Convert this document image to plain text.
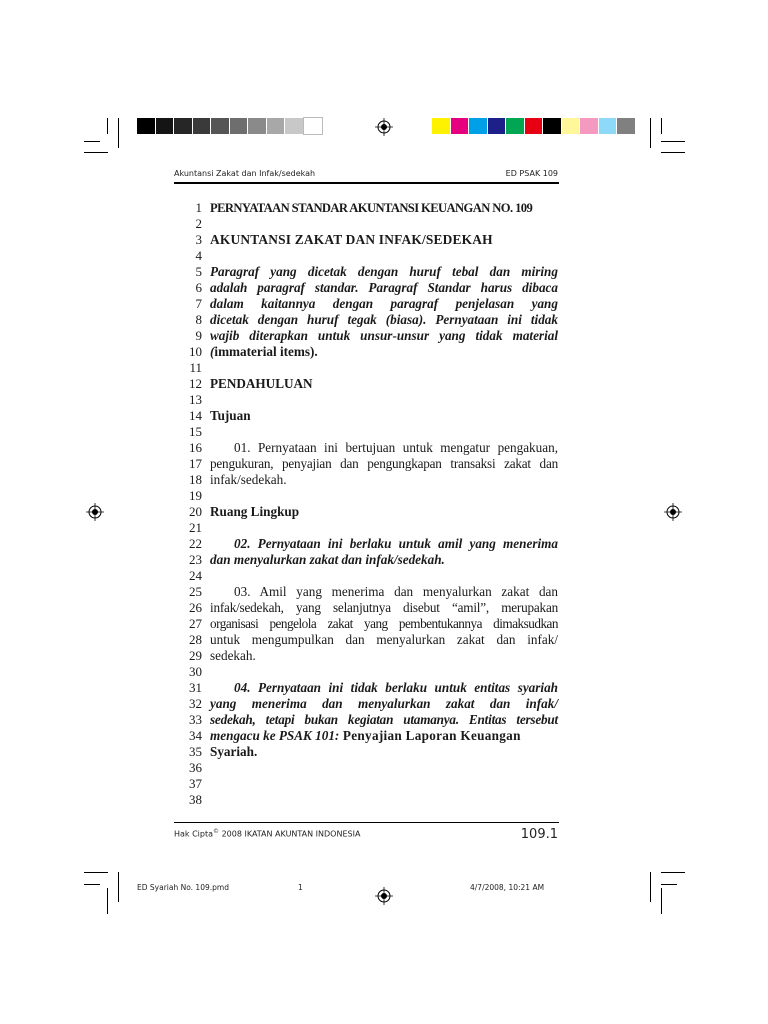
Akuntansi Zakat dan Infak/sedekah	ED PSAK 109
1
2
3
4
5
6
7
8
9
10
11
12
13
14
15
16
17
18
19
20
21
22
23
24
25
26
27
28
29
30
31
32
33
34
35
36
37
38
PERNYATAAN STANDAR AKUNTANSI KEUANGAN NO. 109
AKUNTANSI ZAKAT DAN INFAK/SEDEKAH
Paragraf yang dicetak dengan huruf tebal dan miring
adalah paragraf standar. Paragraf Standar harus dibaca
dalam kaitannya dengan paragraf penjelasan yang
dicetak dengan huruf tegak (biasa). Pernyataan ini tidak
wajib diterapkan untuk unsur-unsur yang tidak material
(immaterial items).
PENDAHULUAN
Tujuan
01. Pernyataan ini bertujuan untuk mengatur pengakuan,
pengukuran, penyajian dan pengungkapan transaksi zakat dan
infak/sedekah.
Ruang Lingkup
02. Pernyataan ini berlaku untuk amil yang menerima
dan menyalurkan zakat dan infak/sedekah.
03. Amil yang menerima dan menyalurkan zakat dan
infak/sedekah, yang selanjutnya disebut “amil”, merupakan
organisasi pengelola zakat yang pembentukannya dimaksudkan
untuk mengumpulkan dan menyalurkan zakat dan infak/
sedekah.
04. Pernyataan ini tidak berlaku untuk entitas syariah
yang menerima dan menyalurkan zakat dan infak/
sedekah, tetapi bukan kegiatan utamanya. Entitas tersebut
mengacu ke PSAK 101: Penyajian Laporan Keuangan
Syariah.
Hak Cipta© 2008 IKATAN AKUNTAN INDONESIA	109.1
ED Syariah No. 109.pmd	1	4/7/2008, 10:21 AM
